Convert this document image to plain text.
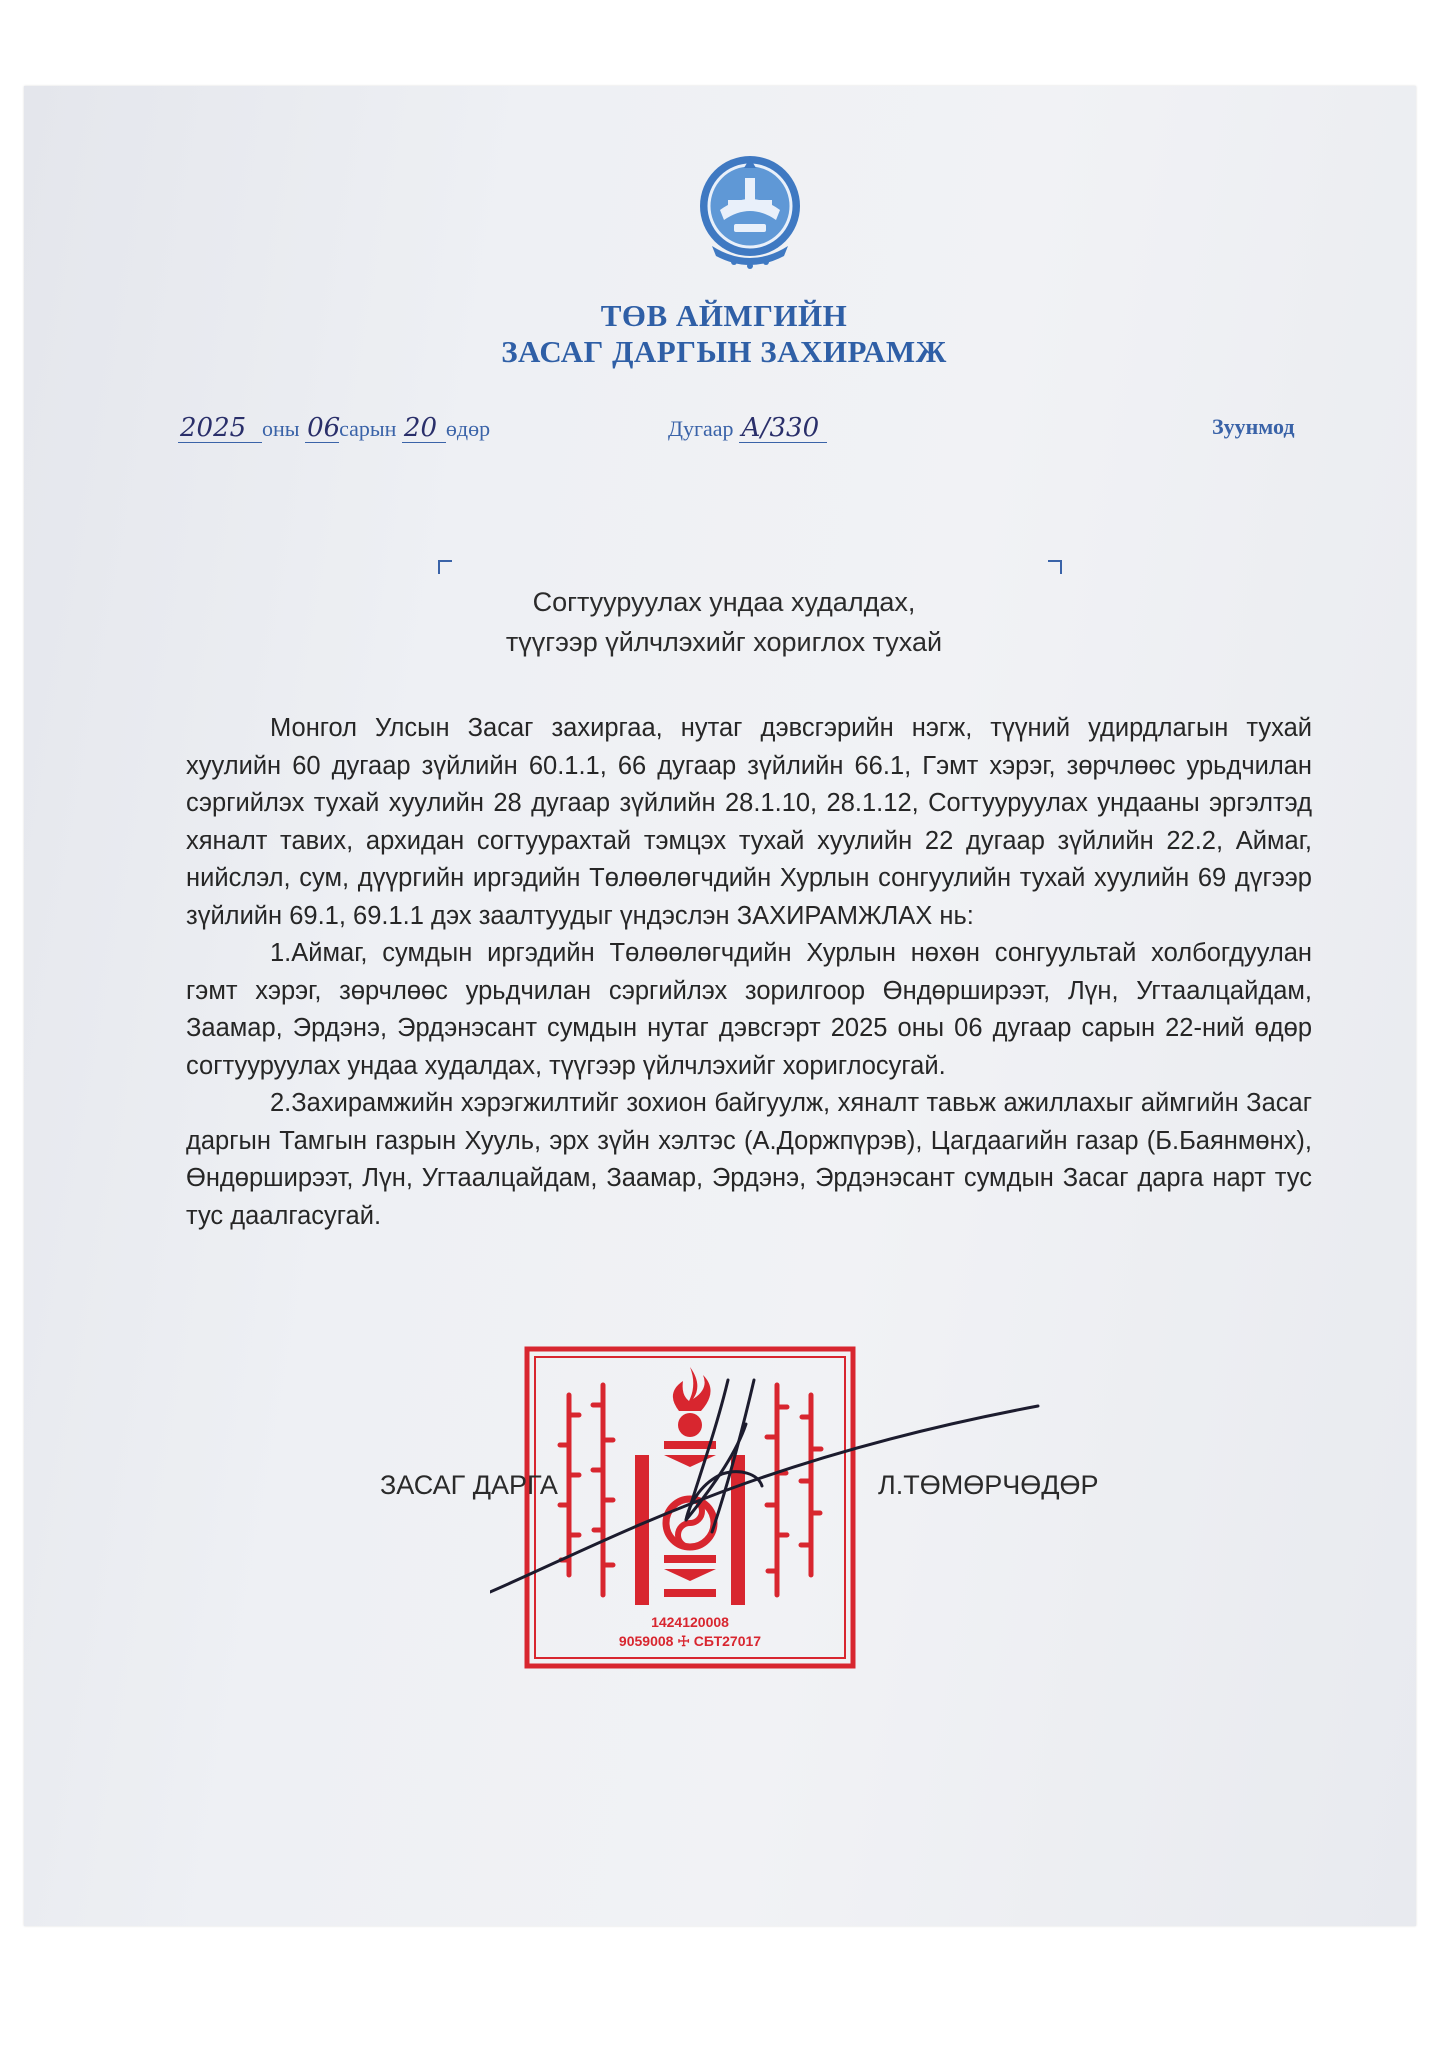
ТӨВ АЙМГИЙН
ЗАСАГ ДАРГЫН ЗАХИРАМЖ
2025 оны 06сарын 20 өдөр	Дугаар А/330	Зуунмод
Согтууруулах ундаа худалдах,
түүгээр үйлчлэхийг хориглох тухай

Монгол Улсын Засаг захиргаа, нутаг дэвсгэрийн нэгж, түүний удирдлагын тухай хуулийн 60 дугаар зүйлийн 60.1.1, 66 дугаар зүйлийн 66.1, Гэмт хэрэг, зөрчлөөс урьдчилан сэргийлэх тухай хуулийн 28 дугаар зүйлийн 28.1.10, 28.1.12, Согтууруулах ундааны эргэлтэд хяналт тавих, архидан согтуурахтай тэмцэх тухай хуулийн 22 дугаар зүйлийн 22.2, Аймаг, нийслэл, сум, дүүргийн иргэдийн Төлөөлөгчдийн Хурлын сонгуулийн тухай хуулийн 69 дүгээр зүйлийн 69.1, 69.1.1 дэх заалтуудыг үндэслэн ЗАХИРАМЖЛАХ нь:

1.Аймаг, сумдын иргэдийн Төлөөлөгчдийн Хурлын нөхөн сонгуультай холбогдуулан гэмт хэрэг, зөрчлөөс урьдчилан сэргийлэх зорилгоор Өндөрширээт, Лүн, Угтаалцайдам, Заамар, Эрдэнэ, Эрдэнэсант сумдын нутаг дэвсгэрт 2025 оны 06 дугаар сарын 22-ний өдөр согтууруулах ундаа худалдах, түүгээр үйлчлэхийг хориглосугай.

2.Захирамжийн хэрэгжилтийг зохион байгуулж, хяналт тавьж ажиллахыг аймгийн Засаг даргын Тамгын газрын Хууль, эрх зүйн хэлтэс (А.Доржпүрэв), Цагдаагийн газар (Б.Баянмөнх), Өндөрширээт, Лүн, Угтаалцайдам, Заамар, Эрдэнэ, Эрдэнэсант сумдын Засаг дарга нарт тус тус даалгасугай.

1424120008
9059008 ☩ СБТ27017
ЗАСАГ ДАРГА	Л.ТӨМӨРЧӨДӨР
